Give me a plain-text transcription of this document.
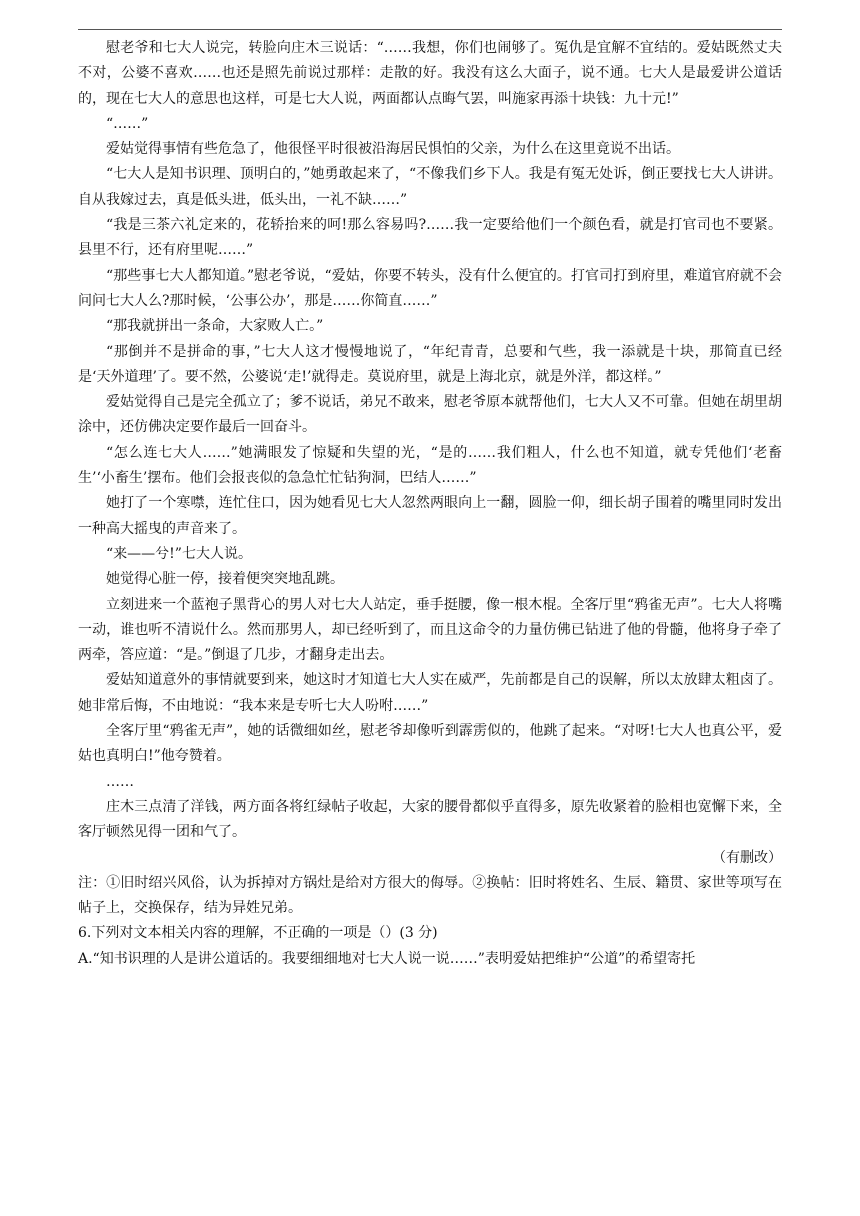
慰老爷和七大人说完，转脸向庄木三说话：“……我想，你们也闹够了。冤仇是宜解不宜结的。爱姑既然丈夫不对，公婆不喜欢……也还是照先前说过那样：走散的好。我没有这么大面子，说不通。七大人是最爱讲公道话的，现在七大人的意思也这样，可是七大人说，两面都认点晦气罢，叫施家再添十块钱：九十元!”

“……”

爱姑觉得事情有些危急了，他很怪平时很被沿海居民惧怕的父亲，为什么在这里竟说不出话。

“七大人是知书识理、顶明白的，”她勇敢起来了，“不像我们乡下人。我是有冤无处诉，倒正要找七大人讲讲。自从我嫁过去，真是低头进，低头出，一礼不缺……”

“我是三茶六礼定来的，花轿抬来的呵!那么容易吗?……我一定要给他们一个颜色看，就是打官司也不要紧。县里不行，还有府里呢……”

“那些事七大人都知道。”慰老爷说，“爱姑，你要不转头，没有什么便宜的。打官司打到府里，难道官府就不会问问七大人么?那时候，‘公事公办’，那是……你简直……”

“那我就拼出一条命，大家败人亡。”

“那倒并不是拼命的事，”七大人这才慢慢地说了，“年纪青青，总要和气些，我一添就是十块，那简直已经是‘天外道理’了。要不然，公婆说‘走!’就得走。莫说府里，就是上海北京，就是外洋，都这样。”

爱姑觉得自己是完全孤立了；爹不说话，弟兄不敢来，慰老爷原本就帮他们，七大人又不可靠。但她在胡里胡涂中，还仿佛决定要作最后一回奋斗。

“怎么连七大人……”她满眼发了惊疑和失望的光，“是的……我们粗人，什么也不知道，就专凭他们‘老畜生’‘小畜生’摆布。他们会报丧似的急急忙忙钻狗洞，巴结人……”

她打了一个寒噤，连忙住口，因为她看见七大人忽然两眼向上一翻，圆脸一仰，细长胡子围着的嘴里同时发出一种高大摇曳的声音来了。

“来——兮!”七大人说。

她觉得心脏一停，接着便突突地乱跳。

立刻进来一个蓝袍子黑背心的男人对七大人站定，垂手挺腰，像一根木棍。全客厅里“鸦雀无声”。七大人将嘴一动，谁也听不清说什么。然而那男人，却已经听到了，而且这命令的力量仿佛已钻进了他的骨髓，他将身子牵了两牵，答应道：“是。”倒退了几步，才翻身走出去。

爱姑知道意外的事情就要到来，她这时才知道七大人实在威严，先前都是自己的误解，所以太放肆太粗卤了。她非常后悔，不由地说：“我本来是专听七大人吩咐……”

全客厅里“鸦雀无声”，她的话微细如丝，慰老爷却像听到霹雳似的，他跳了起来。“对呀!七大人也真公平，爱姑也真明白!”他夸赞着。

……

庄木三点清了洋钱，两方面各将红绿帖子收起，大家的腰骨都似乎直得多，原先收紧着的脸相也宽懈下来，全客厅顿然见得一团和气了。

（有删改）

注：①旧时绍兴风俗，认为拆掉对方锅灶是给对方很大的侮辱。②换帖：旧时将姓名、生辰、籍贯、家世等项写在帖子上，交换保存，结为异姓兄弟。

6.下列对文本相关内容的理解，不正确的一项是（）(3 分)

A.“知书识理的人是讲公道话的。我要细细地对七大人说一说……”表明爱姑把维护“公道”的希望寄托
